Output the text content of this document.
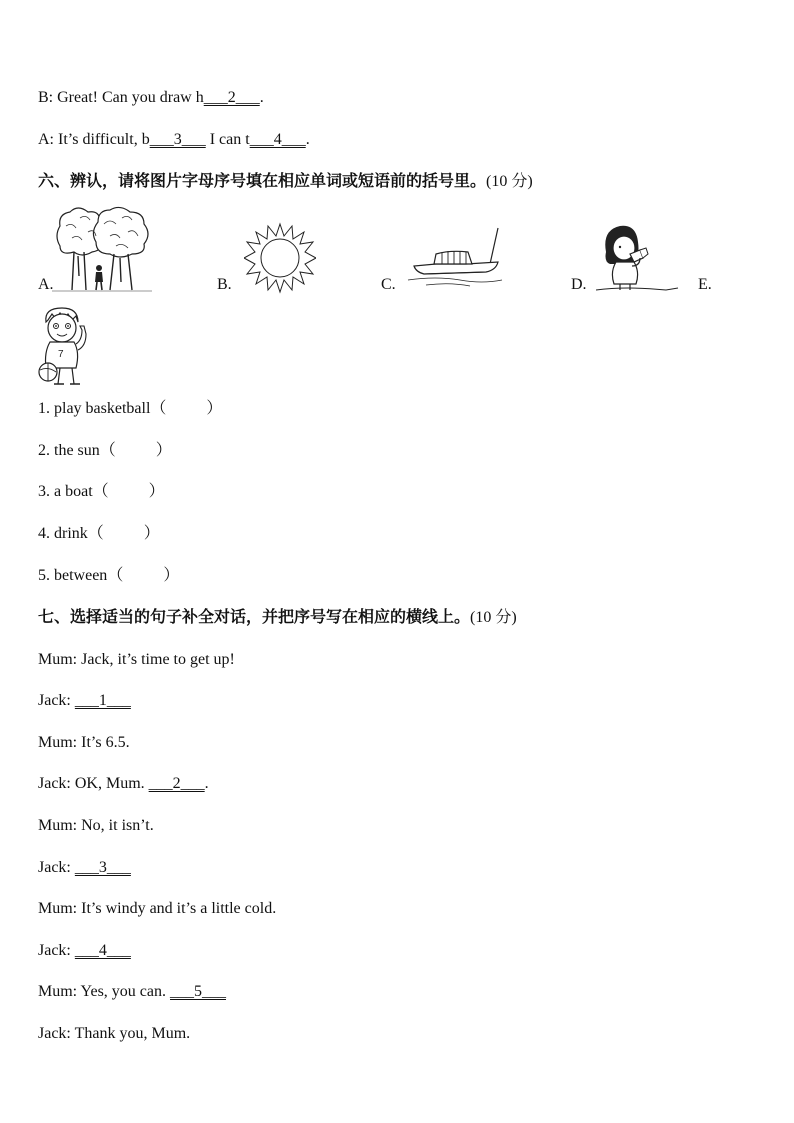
B: Great! Can you draw h___2___.
A: It’s difficult, b___3___ I can t___4___.
六、辨认，请将图片字母序号填在相应单词或短语前的括号里。(10 分)
A.	B.	C.	D.	E.
7
1. play basketball（          ）
2. the sun（          ）
3. a boat（          ）
4. drink（          ）
5. between（          ）
七、选择适当的句子补全对话，并把序号写在相应的横线上。(10 分)
Mum: Jack, it’s time to get up!
Jack: ___1___
Mum: It’s 6.5.
Jack: OK, Mum. ___2___.
Mum: No, it isn’t.
Jack: ___3___
Mum: It’s windy and it’s a little cold.
Jack: ___4___
Mum: Yes, you can. ___5___
Jack: Thank you, Mum.
